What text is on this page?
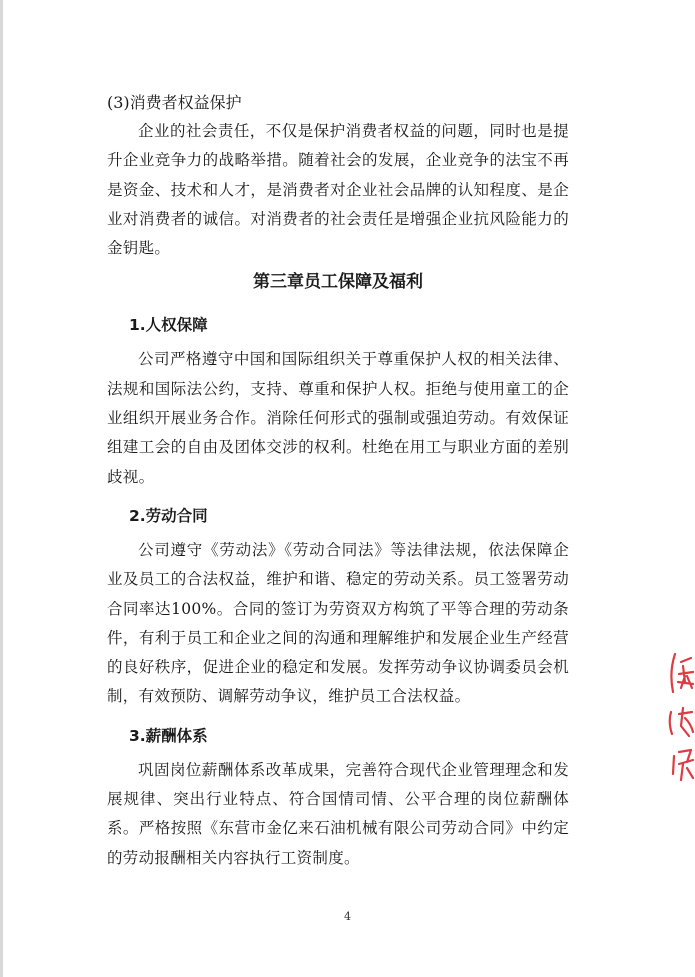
(3)消费者权益保护

企业的社会责任，不仅是保护消费者权益的问题，同时也是提升企业竞争力的战略举措。随着社会的发展，企业竞争的法宝不再是资金、技术和人才，是消费者对企业社会品牌的认知程度、是企业对消费者的诚信。对消费者的社会责任是增强企业抗风险能力的金钥匙。

第三章员工保障及福利
1.人权保障

公司严格遵守中国和国际组织关于尊重保护人权的相关法律、法规和国际法公约，支持、尊重和保护人权。拒绝与使用童工的企业组织开展业务合作。消除任何形式的强制或强迫劳动。有效保证组建工会的自由及团体交涉的权利。杜绝在用工与职业方面的差别歧视。

2.劳动合同

公司遵守《劳动法》《劳动合同法》等法律法规，依法保障企业及员工的合法权益，维护和谐、稳定的劳动关系。员工签署劳动合同率达100%。合同的签订为劳资双方构筑了平等合理的劳动条件，有利于员工和企业之间的沟通和理解维护和发展企业生产经营的良好秩序，促进企业的稳定和发展。发挥劳动争议协调委员会机制，有效预防、调解劳动争议，维护员工合法权益。

3.薪酬体系

巩固岗位薪酬体系改革成果，完善符合现代企业管理理念和发展规律、突出行业特点、符合国情司情、公平合理的岗位薪酬体系。严格按照《东营市金亿来石油机械有限公司劳动合同》中约定的劳动报酬相关内容执行工资制度。

4
